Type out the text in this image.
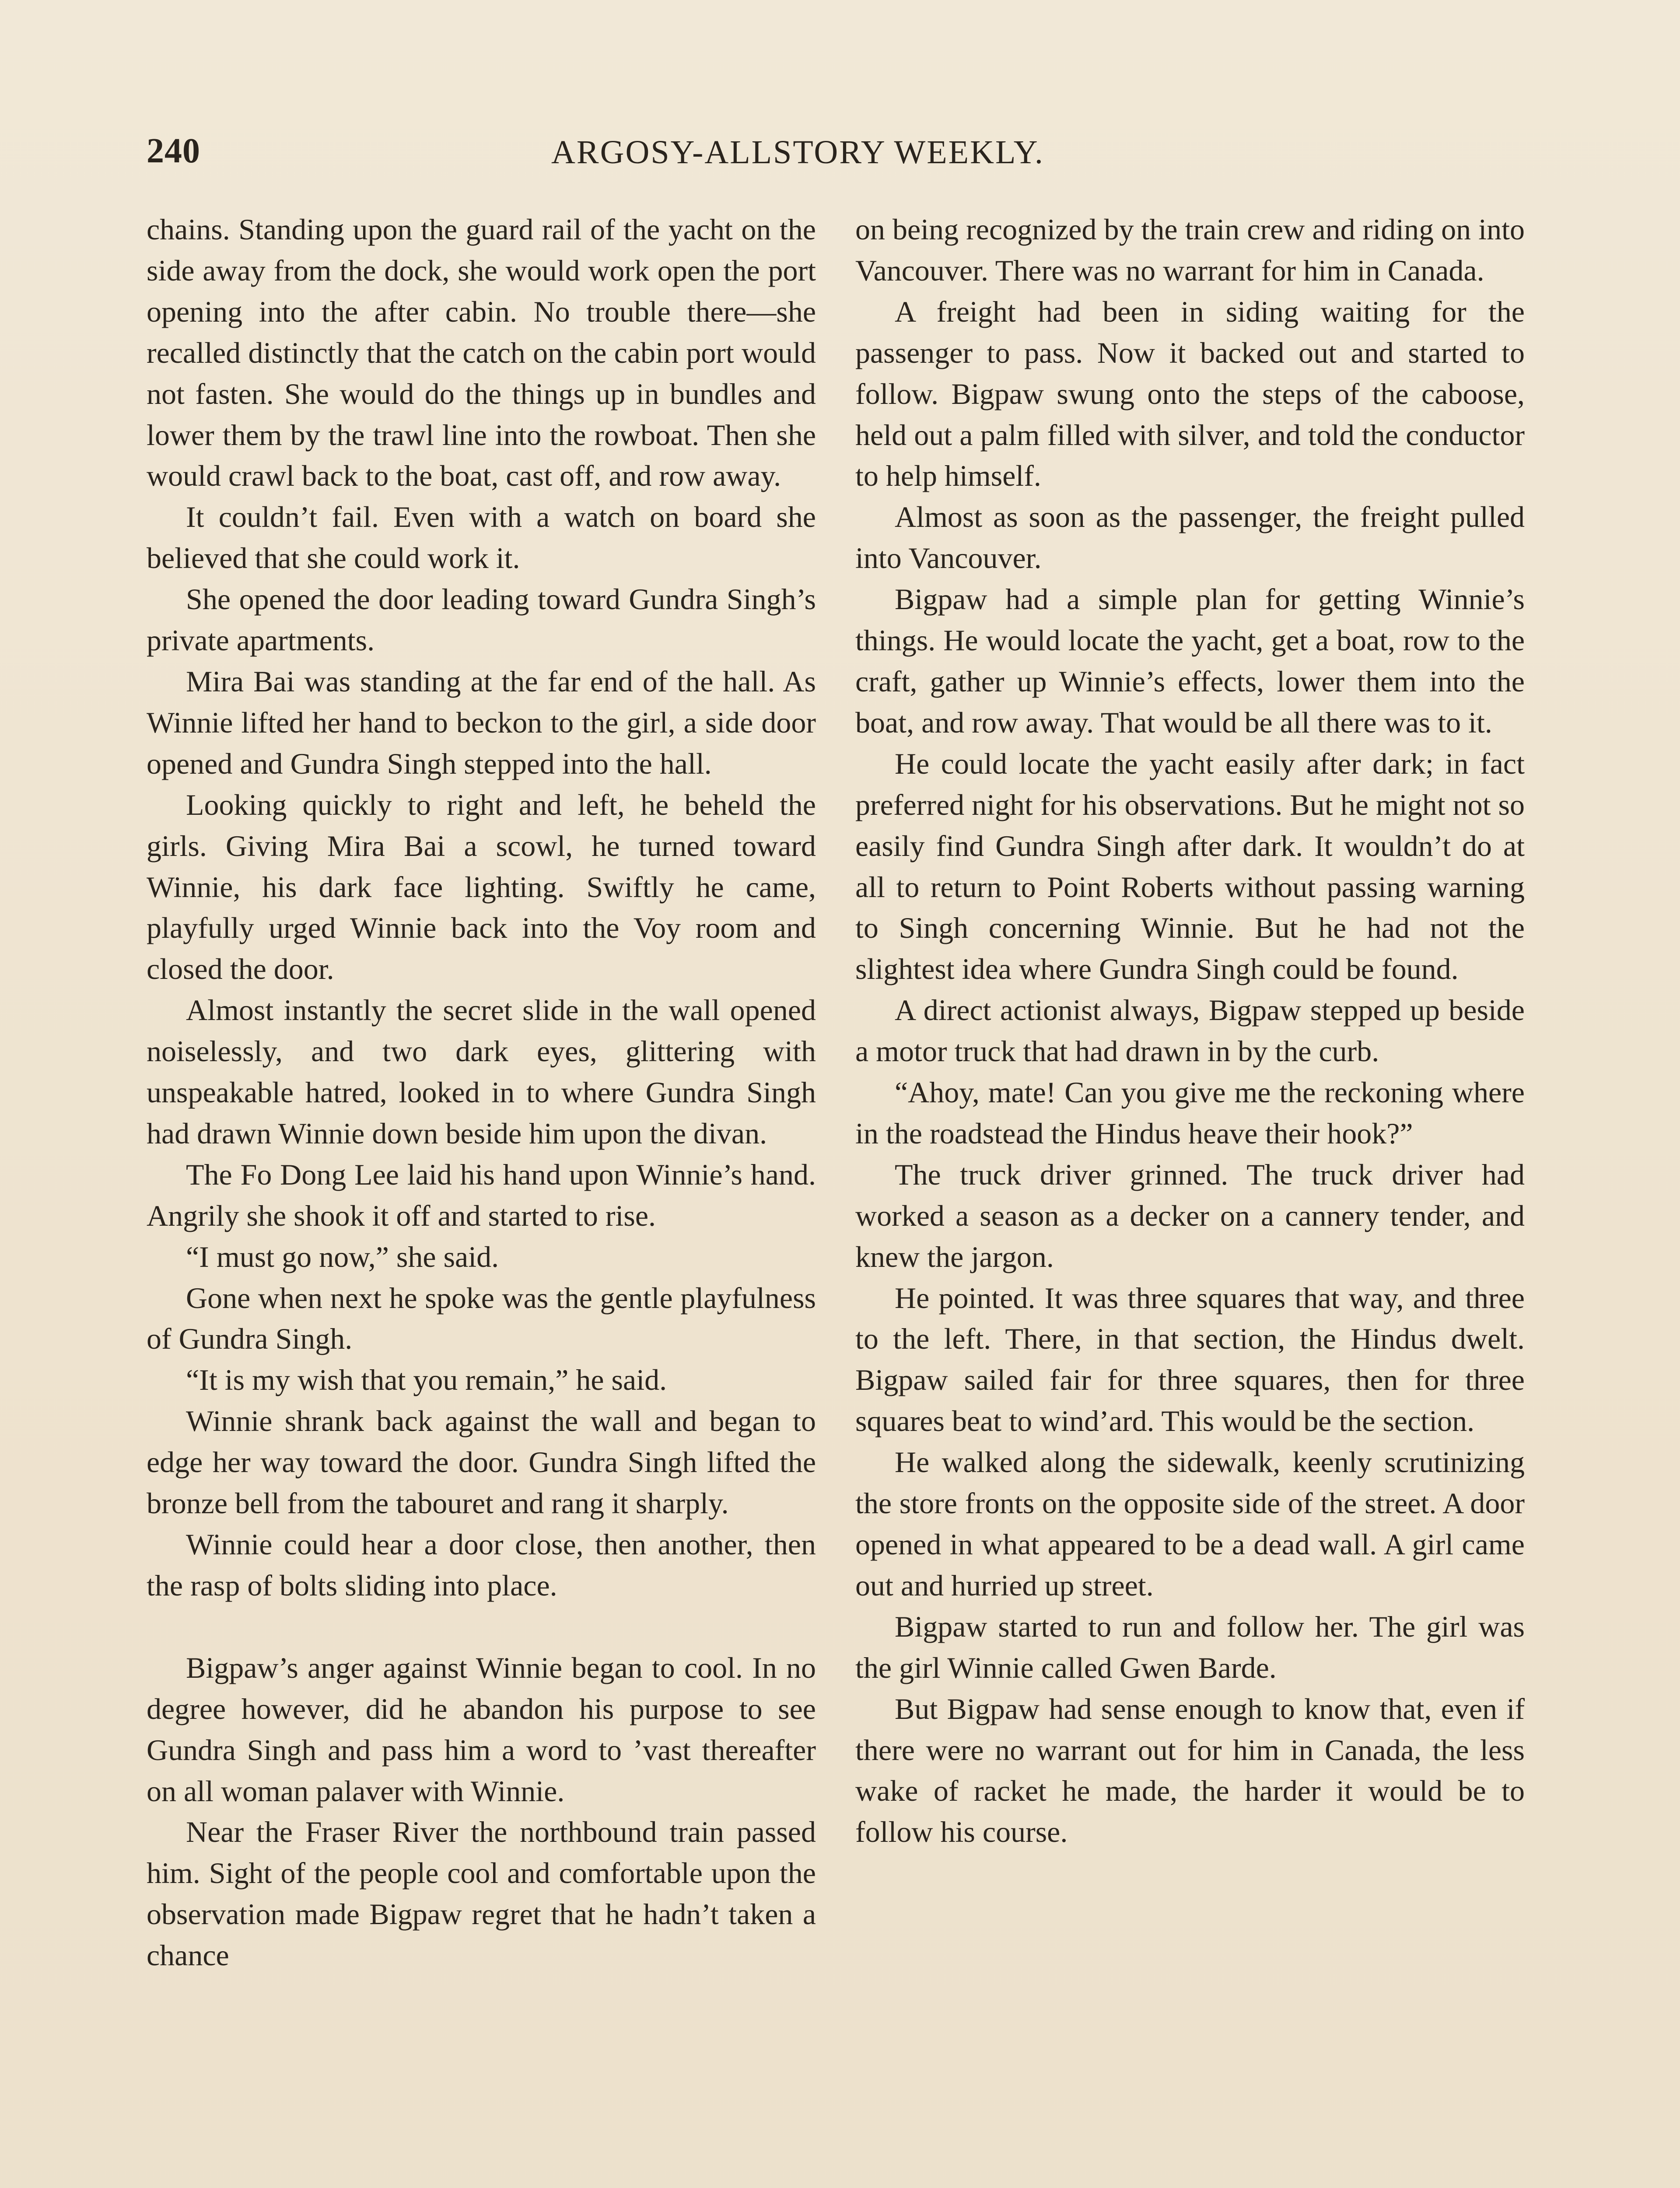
240	ARGOSY-ALLSTORY WEEKLY.

chains. Standing upon the guard rail of the yacht on the side away from the dock, she would work open the port opening into the after cabin. No trouble there—she recalled distinctly that the catch on the cabin port would not fasten. She would do the things up in bundles and lower them by the trawl line into the rowboat. Then she would crawl back to the boat, cast off, and row away.

It couldn’t fail. Even with a watch on board she believed that she could work it.

She opened the door leading toward Gundra Singh’s private apartments.

Mira Bai was standing at the far end of the hall. As Winnie lifted her hand to beckon to the girl, a side door opened and Gundra Singh stepped into the hall.

Looking quickly to right and left, he beheld the girls. Giving Mira Bai a scowl, he turned toward Winnie, his dark face lighting. Swiftly he came, playfully urged Winnie back into the Voy room and closed the door.

Almost instantly the secret slide in the wall opened noiselessly, and two dark eyes, glittering with unspeakable hatred, looked in to where Gundra Singh had drawn Winnie down beside him upon the divan.

The Fo Dong Lee laid his hand upon Winnie’s hand. Angrily she shook it off and started to rise.

“I must go now,” she said.

Gone when next he spoke was the gentle playfulness of Gundra Singh.

“It is my wish that you remain,” he said.

Winnie shrank back against the wall and began to edge her way toward the door. Gundra Singh lifted the bronze bell from the tabouret and rang it sharply.

Winnie could hear a door close, then another, then the rasp of bolts sliding into place.

Bigpaw’s anger against Winnie began to cool. In no degree however, did he abandon his purpose to see Gundra Singh and pass him a word to ’vast thereafter on all woman palaver with Winnie.

Near the Fraser River the northbound train passed him. Sight of the people cool and comfortable upon the observation made Bigpaw regret that he hadn’t taken a chance

on being recognized by the train crew and riding on into Vancouver. There was no warrant for him in Canada.

A freight had been in siding waiting for the passenger to pass. Now it backed out and started to follow. Bigpaw swung onto the steps of the caboose, held out a palm filled with silver, and told the conductor to help himself.

Almost as soon as the passenger, the freight pulled into Vancouver.

Bigpaw had a simple plan for getting Winnie’s things. He would locate the yacht, get a boat, row to the craft, gather up Winnie’s effects, lower them into the boat, and row away. That would be all there was to it.

He could locate the yacht easily after dark; in fact preferred night for his observations. But he might not so easily find Gundra Singh after dark. It wouldn’t do at all to return to Point Roberts without passing warning to Singh concerning Winnie. But he had not the slightest idea where Gundra Singh could be found.

A direct actionist always, Bigpaw stepped up beside a motor truck that had drawn in by the curb.

“Ahoy, mate! Can you give me the reckoning where in the roadstead the Hindus heave their hook?”

The truck driver grinned. The truck driver had worked a season as a decker on a cannery tender, and knew the jargon.

He pointed. It was three squares that way, and three to the left. There, in that section, the Hindus dwelt. Bigpaw sailed fair for three squares, then for three squares beat to wind’ard. This would be the section.

He walked along the sidewalk, keenly scrutinizing the store fronts on the opposite side of the street. A door opened in what appeared to be a dead wall. A girl came out and hurried up street.

Bigpaw started to run and follow her. The girl was the girl Winnie called Gwen Barde.

But Bigpaw had sense enough to know that, even if there were no warrant out for him in Canada, the less wake of racket he made, the harder it would be to follow his course.
